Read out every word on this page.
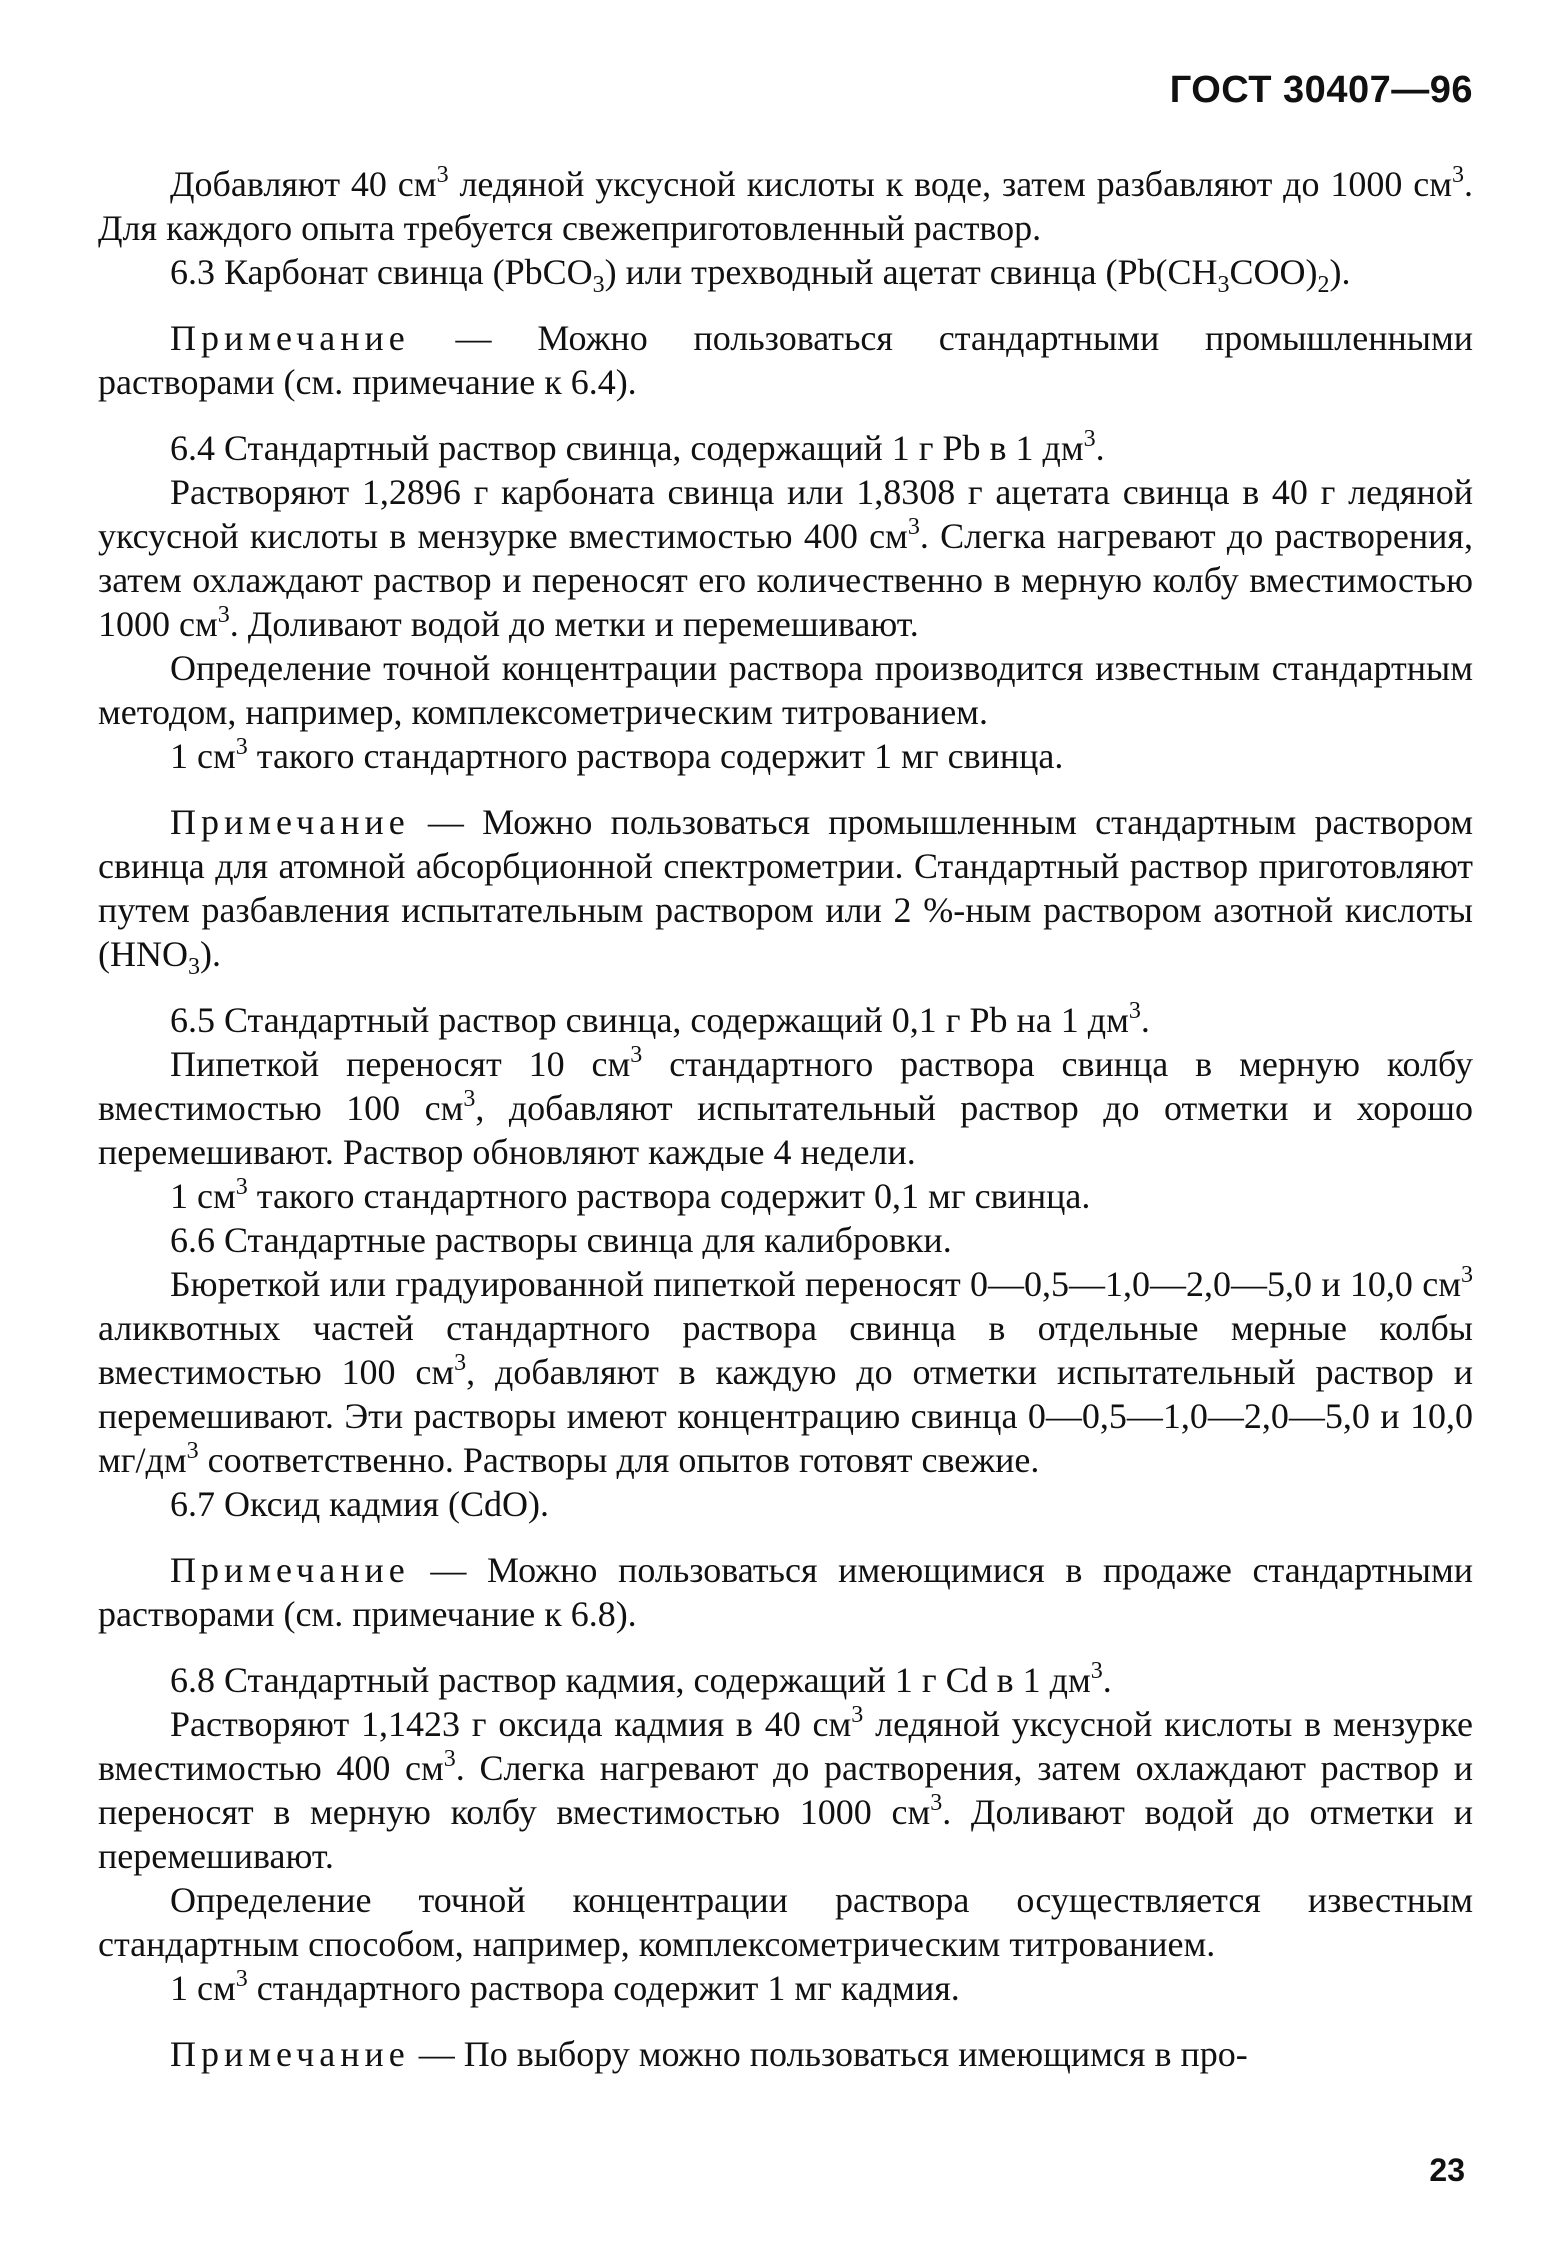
ГОСТ 30407—96

Добавляют 40 $см^3$ ледяной уксусной кислоты к воде, затем разбавляют до 1000 $см^3$. Для каждого опыта требуется свежеприготовленный раствор.

6.3 Карбонат свинца (PbCO$_3$) или трехводный ацетат свинца $(Pb(CH_3COO)_2)$.

Примечание — Можно пользоваться стандартными промышленными растворами (см. примечание к 6.4).

6.4 Стандартный раствор свинца, содержащий 1 г Pb в 1 $дм^3$.

Растворяют 1,2896 г карбоната свинца или 1,8308 г ацетата свинца в 40 г ледяной уксусной кислоты в мензурке вместимостью 400 $см^3$. Слегка нагревают до растворения, затем охлаждают раствор и переносят его количественно в мерную колбу вместимостью 1000 $см^3$. Доливают водой до метки и перемешивают.

Определение точной концентрации раствора производится известным стандартным методом, например, комплексометрическим титрованием.

1 $см^3$ такого стандартного раствора содержит 1 мг свинца.

Примечание — Можно пользоваться промышленным стандартным раствором свинца для атомной абсорбционной спектрометрии. Стандартный раствор приготовляют путем разбавления испытательным раствором или 2 %-ным раствором азотной кислоты $(HNO_3)$.

6.5 Стандартный раствор свинца, содержащий 0,1 г Pb на 1 $дм^3$.

Пипеткой переносят 10 $см^3$ стандартного раствора свинца в мерную колбу вместимостью 100 $см^3$, добавляют испытательный раствор до отметки и хорошо перемешивают. Раствор обновляют каждые 4 недели.

1 $см^3$ такого стандартного раствора содержит 0,1 мг свинца.

6.6 Стандартные растворы свинца для калибровки.

Бюреткой или градуированной пипеткой переносят 0—0,5—1,0—2,0—5,0 и 10,0 $см^3$ аликвотных частей стандартного раствора свинца в отдельные мерные колбы вместимостью 100 $см^3$, добавляют в каждую до отметки испытательный раствор и перемешивают. Эти растворы имеют концентрацию свинца 0—0,5—1,0—2,0—5,0 и 10,0 $мг/дм^3$ соответственно. Растворы для опытов готовят свежие.

6.7 Оксид кадмия (CdO).

Примечание — Можно пользоваться имеющимися в продаже стандартными растворами (см. примечание к 6.8).

6.8 Стандартный раствор кадмия, содержащий 1 г Cd в 1 $дм^3$.

Растворяют 1,1423 г оксида кадмия в 40 $см^3$ ледяной уксусной кислоты в мензурке вместимостью 400 $см^3$. Слегка нагревают до растворения, затем охлаждают раствор и переносят в мерную колбу вместимостью 1000 $см^3$. Доливают водой до отметки и перемешивают.

Определение точной концентрации раствора осуществляется известным стандартным способом, например, комплексометрическим титрованием.

1 $см^3$ стандартного раствора содержит 1 мг кадмия.

Примечание — По выбору можно пользоваться имеющимся в про-

23
